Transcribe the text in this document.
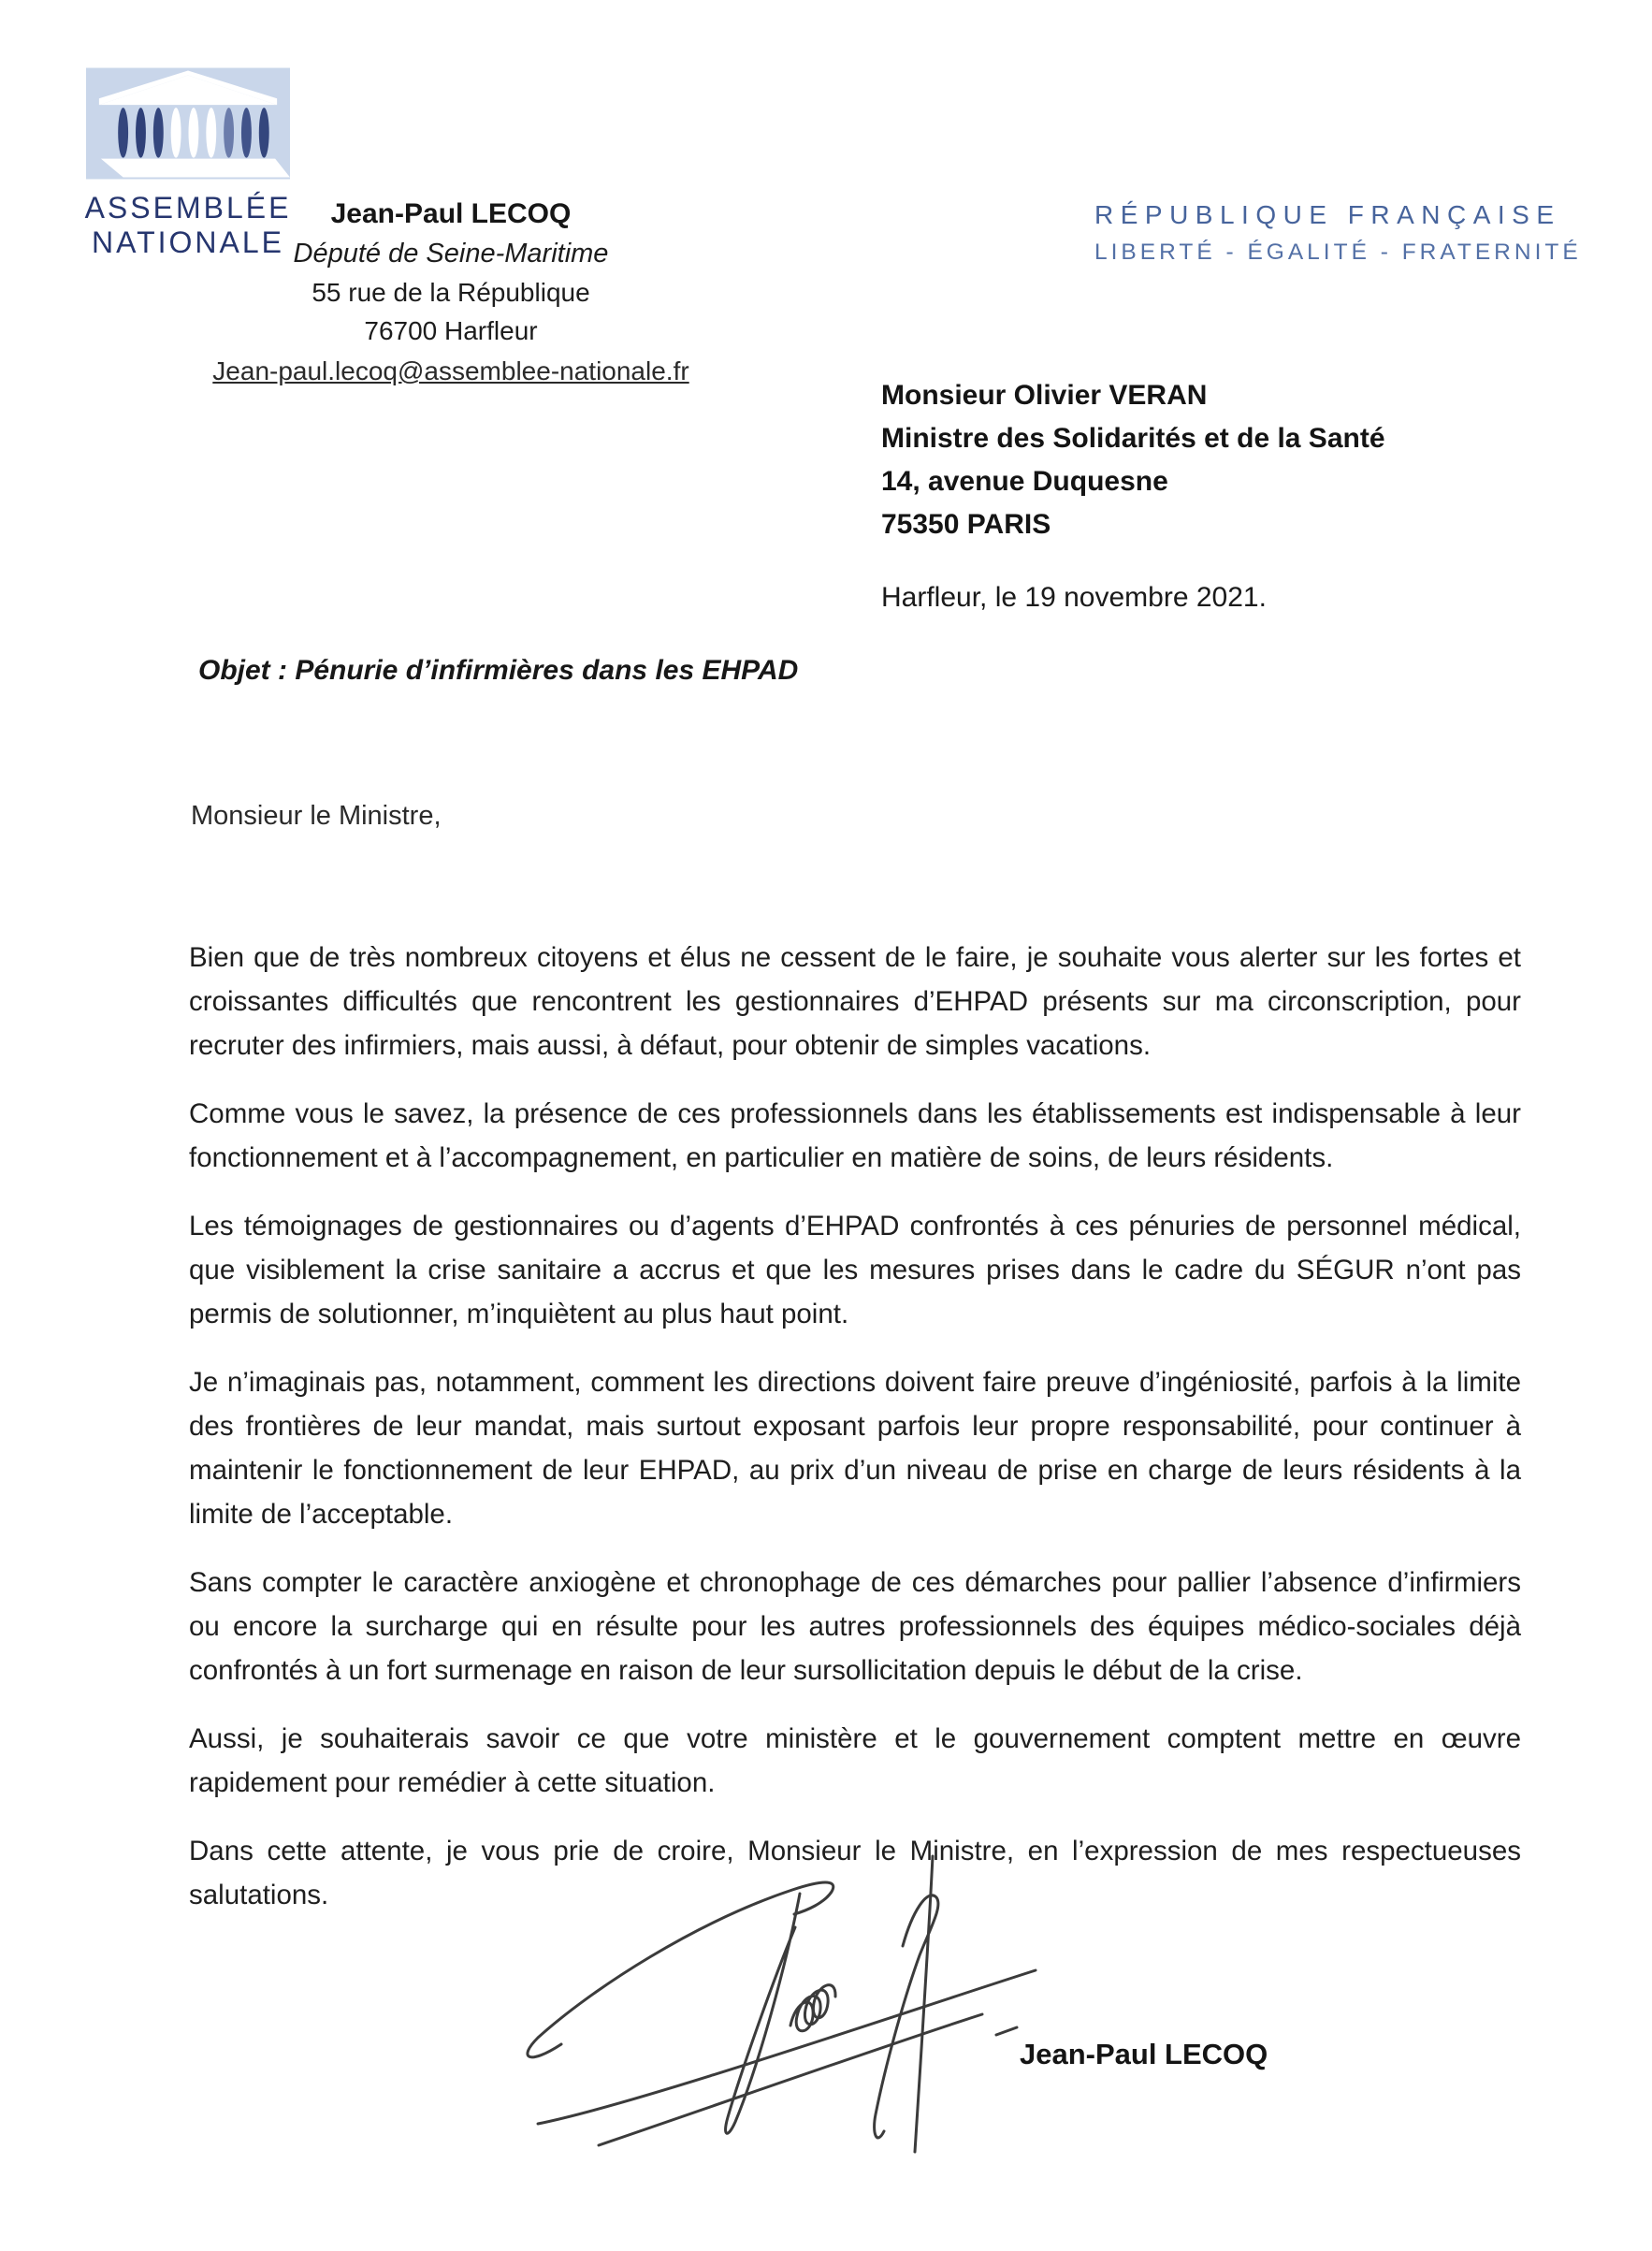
ASSEMBLÉE
NATIONALE
Jean-Paul LECOQ
Député de Seine-Maritime
55 rue de la République
76700 Harfleur
Jean-paul.lecoq@assemblee-nationale.fr
RÉPUBLIQUE FRANÇAISE
LIBERTÉ - ÉGALITÉ - FRATERNITÉ
Monsieur Olivier VERAN
Ministre des Solidarités et de la Santé
14, avenue Duquesne
75350 PARIS
Harfleur, le 19 novembre 2021.
Objet : Pénurie d’infirmières dans les EHPAD
Monsieur le Ministre,

Bien que de très nombreux citoyens et élus ne cessent de le faire, je souhaite vous alerter sur les fortes et croissantes difficultés que rencontrent les gestionnaires d’EHPAD présents sur ma circonscription, pour recruter des infirmiers, mais aussi, à défaut, pour obtenir de simples vacations.

Comme vous le savez, la présence de ces professionnels dans les établissements est indispensable à leur fonctionnement et à l’accompagnement, en particulier en matière de soins, de leurs résidents.

Les témoignages de gestionnaires ou d’agents d’EHPAD confrontés à ces pénuries de personnel médical, que visiblement la crise sanitaire a accrus et que les mesures prises dans le cadre du SÉGUR n’ont pas permis de solutionner, m’inquiètent au plus haut point.

Je n’imaginais pas, notamment, comment les directions doivent faire preuve d’ingéniosité, parfois à la limite des frontières de leur mandat, mais surtout exposant parfois leur propre responsabilité, pour continuer à maintenir le fonctionnement de leur EHPAD, au prix d’un niveau de prise en charge de leurs résidents à la limite de l’acceptable.

Sans compter le caractère anxiogène et chronophage de ces démarches pour pallier l’absence d’infirmiers ou encore la surcharge qui en résulte pour les autres professionnels des équipes médico-sociales déjà confrontés à un fort surmenage en raison de leur sursollicitation depuis le début de la crise.

Aussi, je souhaiterais savoir ce que votre ministère et le gouvernement comptent mettre en œuvre rapidement pour remédier à cette situation.

Dans cette attente, je vous prie de croire, Monsieur le Ministre, en l’expression de mes respectueuses salutations.

Jean-Paul LECOQ
